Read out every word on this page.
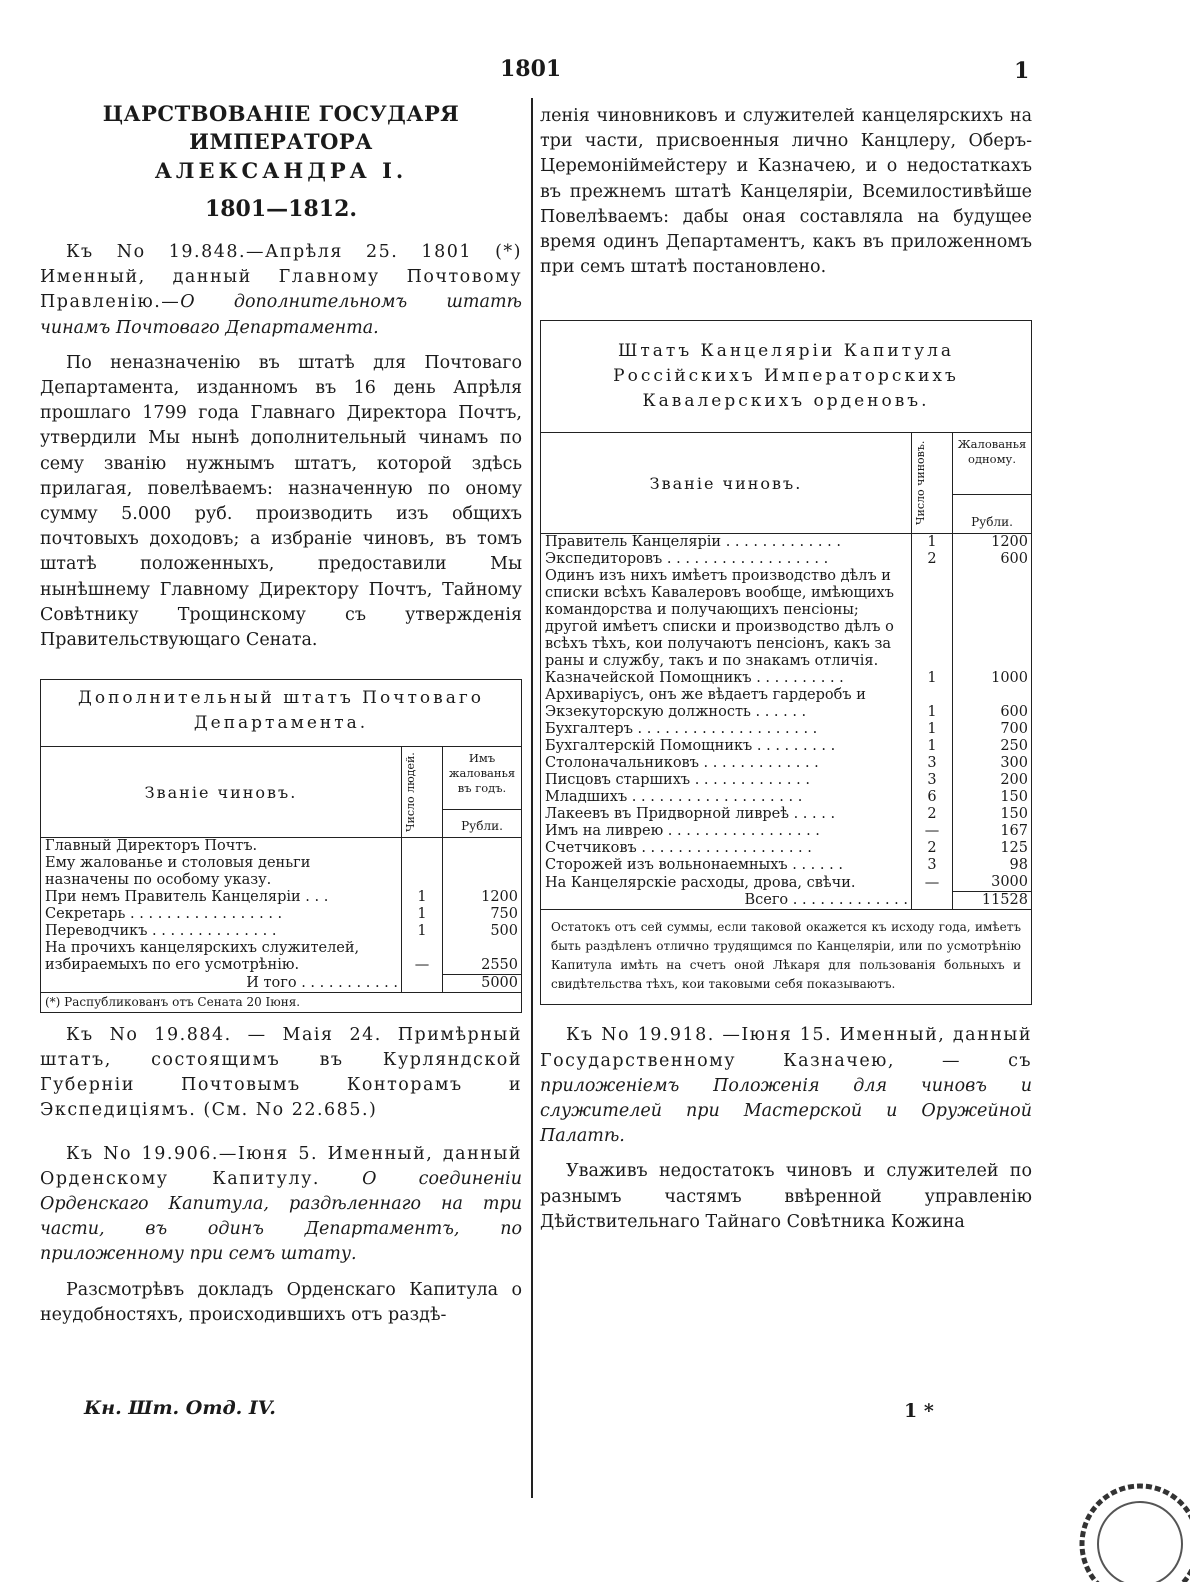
1801	1
ЦАРСТВОВАНІЕ ГОСУДАРЯ ИМПЕРАТОРА
АЛЕКСАНДРА I.
1801—1812.

Къ No 19.848.—Апрѣля 25. 1801 (*) Именный, данный Главному Почтовому Правленію.—О дополнительномъ штатѣ чинамъ Почтоваго Департамента.

По неназначенію въ штатѣ для Почтоваго Департамента, изданномъ въ 16 день Апрѣля прошлаго 1799 года Главнаго Директора Почтъ, утвердили Мы нынѣ дополнительный чинамъ по сему званію нужнымъ штатъ, которой здѣсь прилагая, повелѣваемъ: назначенную по оному сумму 5.000 руб. производить изъ общихъ почтовыхъ доходовъ; а избраніе чиновъ, въ томъ штатѣ положенныхъ, предоставили Мы нынѣшнему Главному Директору Почтъ, Тайному Совѣтнику Трощинскому съ утвержденія Правительствующаго Сената.

Дополнительный штатъ Почтоваго Департамента.
Званіе чиновъ.	Число людей.	Имъ жалованья въ годъ.
		Рубли.
Главный Директоръ Почтъ.		
Ему жалованье и столовыя деньги назначены по особому указу.		
При немъ Правитель Канцеляріи . . .	1	1200
Секретарь . . . . . . . . . . . . . . . . .	1	750
Переводчикъ . . . . . . . . . . . . . .	1	500
На прочихъ канцелярскихъ служителей, избираемыхъ по его усмотрѣнію.	—	2550
И того . . . . . . . . . . .		5000
(*) Распубликованъ отъ Сената 20 Іюня.

Къ No 19.884. — Маія 24. Примѣрный штатъ, состоящимъ въ Курляндской Губерніи Почтовымъ Конторамъ и Экспедиціямъ. (См. No 22.685.)

Къ No 19.906.—Іюня 5. Именный, данный Орденскому Капитулу. О соединеніи Орденскаго Капитула, раздѣленнаго на три части, въ одинъ Департаментъ, по приложенному при семъ штату.

Разсмотрѣвъ докладъ Орденскаго Капитула о неудобностяхъ, происходившихъ отъ раздѣ-

Кн. Шт. Отд. IV.

ленія чиновниковъ и служителей канцелярскихъ на три части, присвоенныя лично Канцлеру, Оберъ-Церемоніймейстеру и Казначею, и о недостаткахъ въ прежнемъ штатѣ Канцеляріи, Всемилостивѣйше Повелѣваемъ: дабы оная составляла на будущее время одинъ Департаментъ, какъ въ приложенномъ при семъ штатѣ постановлено.

Штатъ Канцеляріи Капитула Россійскихъ Императорскихъ Кавалерскихъ орденовъ.
Званіе чиновъ.	Число чиновъ.	Жалованья одному.
		Рубли.
Правитель Канцеляріи . . . . . . . . . . . . .	1	1200
Экспедиторовъ . . . . . . . . . . . . . . . . . .	2	600
Одинъ изъ нихъ имѣетъ производство дѣлъ и списки всѣхъ Кавалеровъ вообще, имѣющихъ командорства и получающихъ пенсіоны; другой имѣетъ списки и производство дѣлъ о всѣхъ тѣхъ, кои получаютъ пенсіонъ, какъ за раны и службу, такъ и по знакамъ отличія.		
Казначейской Помощникъ . . . . . . . . . .	1	1000
Архиваріусъ, онъ же вѣдаетъ гардеробъ и Экзекуторскую должность . . . . . .	1	600
Бухгалтеръ . . . . . . . . . . . . . . . . . . . .	1	700
Бухгалтерскій Помощникъ . . . . . . . . .	1	250
Столоначальниковъ . . . . . . . . . . . . .	3	300
Писцовъ старшихъ . . . . . . . . . . . . .	3	200
Младшихъ . . . . . . . . . . . . . . . . . . .	6	150
Лакеевъ въ Придворной ливреѣ . . . . .	2	150
Имъ на ливрею . . . . . . . . . . . . . . . . .	—	167
Счетчиковъ . . . . . . . . . . . . . . . . . . .	2	125
Сторожей изъ вольнонаемныхъ . . . . . .	3	98
На Канцелярскіе расходы, дрова, свѣчи.	—	3000
Всего . . . . . . . . . . . . .		11528
Остатокъ отъ сей суммы, если таковой окажется къ исходу года, имѣетъ быть раздѣленъ отлично трудящимся по Канцеляріи, или по усмотрѣнію Капитула имѣть на счетъ оной Лѣкаря для пользованія больныхъ и свидѣтельства тѣхъ, кои таковыми себя показываютъ.

Къ No 19.918. —Іюня 15. Именный, данный Государственному Казначею, — съ приложеніемъ Положенія для чиновъ и служителей при Мастерской и Оружейной Палатѣ.

Уваживъ недостатокъ чиновъ и служителей по разнымъ частямъ ввѣренной управленію Дѣйствительнаго Тайнаго Совѣтника Кожина

1 *
